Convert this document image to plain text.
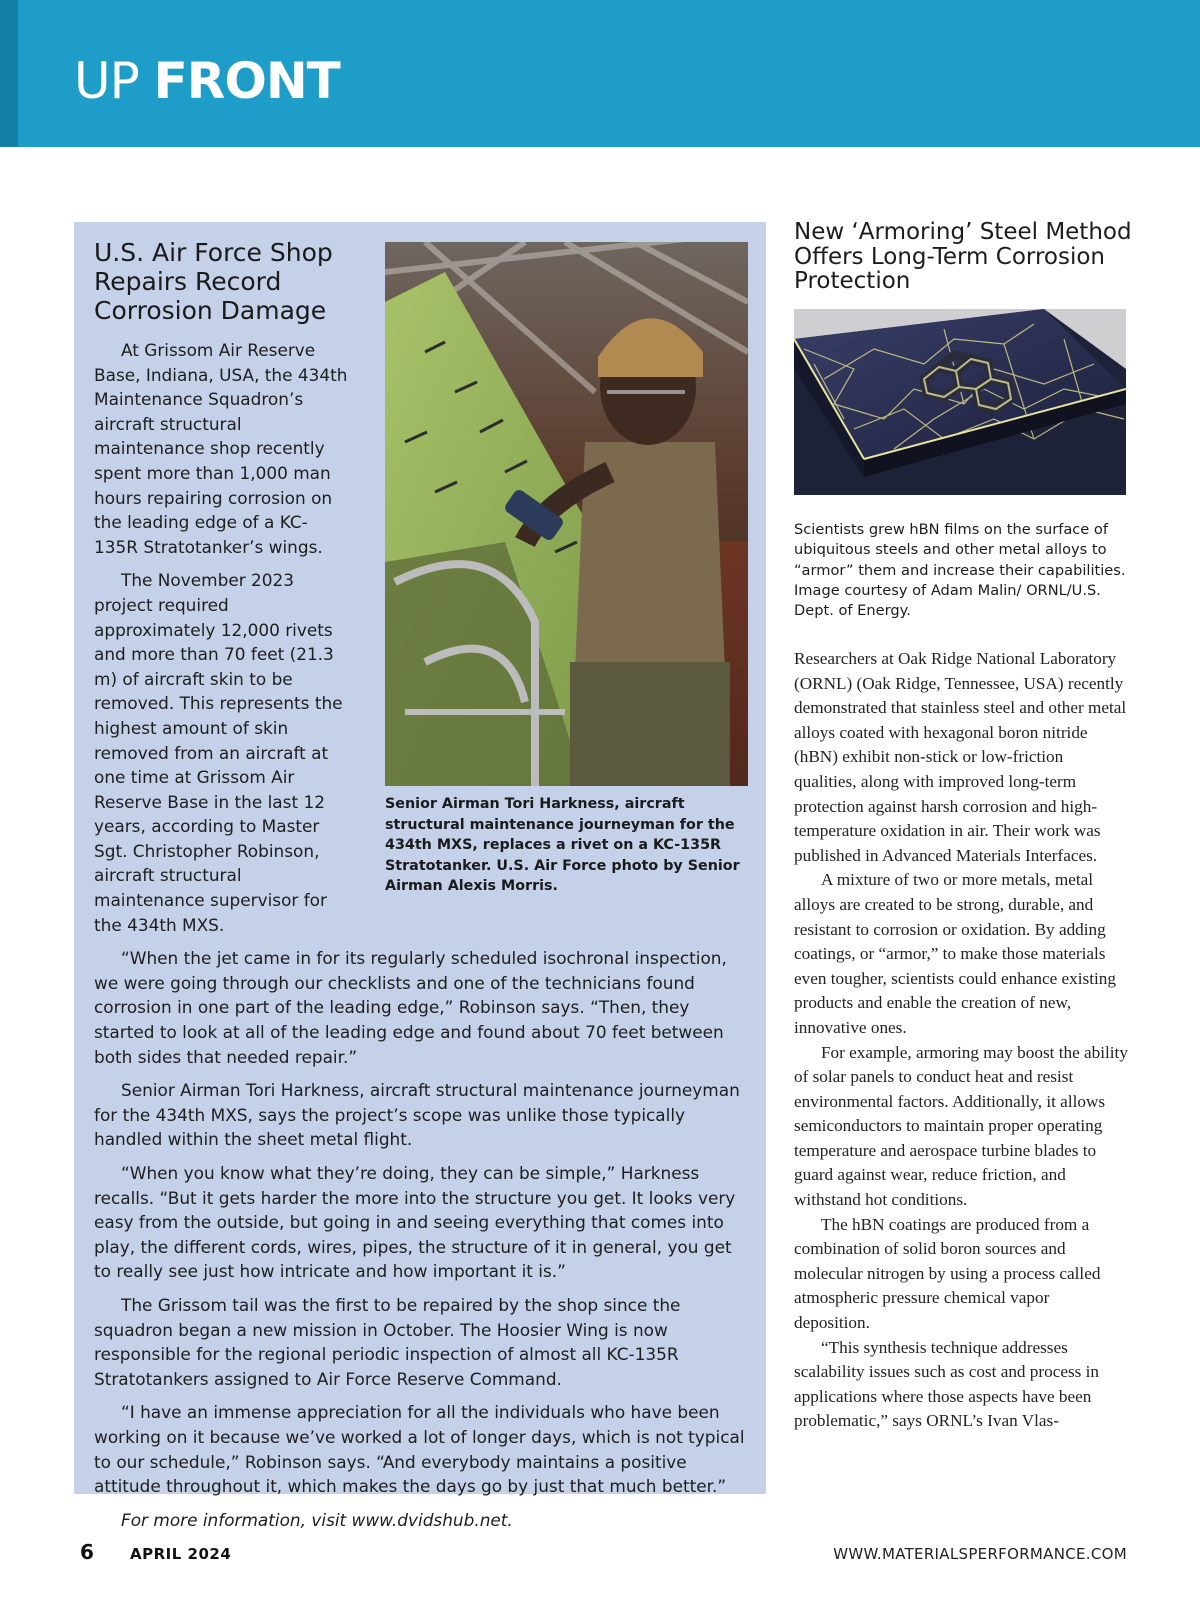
UP FRONT
U.S. Air Force Shop Repairs Record Corrosion Damage
Senior Airman Tori Harkness, aircraft structural maintenance journeyman for the 434th MXS, replaces a rivet on a KC-135R Stratotanker. U.S. Air Force photo by Senior Airman Alexis Morris.

At Grissom Air Reserve Base, Indiana, USA, the 434th Maintenance Squadron’s aircraft structural maintenance shop recently spent more than 1,000 man hours repairing corrosion on the leading edge of a KC-135R Stratotanker’s wings.

The November 2023 project required approximately 12,000 rivets and more than 70 feet (21.3 m) of aircraft skin to be removed. This represents the highest amount of skin removed from an aircraft at one time at Grissom Air Reserve Base in the last 12 years, according to Master Sgt. Christopher Robinson, aircraft structural maintenance supervisor for the 434th MXS.

“When the jet came in for its regularly scheduled isochronal inspection, we were going through our checklists and one of the technicians found corrosion in one part of the leading edge,” Robinson says. “Then, they started to look at all of the leading edge and found about 70 feet between both sides that needed repair.”

Senior Airman Tori Harkness, aircraft structural maintenance journeyman for the 434th MXS, says the project’s scope was unlike those typically handled within the sheet metal flight.

“When you know what they’re doing, they can be simple,” Harkness recalls. “But it gets harder the more into the structure you get. It looks very easy from the outside, but going in and seeing everything that comes into play, the different cords, wires, pipes, the structure of it in general, you get to really see just how intricate and how important it is.”

The Grissom tail was the first to be repaired by the shop since the squadron began a new mission in October. The Hoosier Wing is now responsible for the regional periodic inspection of almost all KC-135R Stratotankers assigned to Air Force Reserve Command.

“I have an immense appreciation for all the individuals who have been working on it because we’ve worked a lot of longer days, which is not typical to our schedule,” Robinson says. “And everybody maintains a positive attitude throughout it, which makes the days go by just that much better.”

For more information, visit www.dvidshub.net.

New ‘Armoring’ Steel Method Offers Long-Term Corrosion Protection
Scientists grew hBN films on the surface of ubiquitous steels and other metal alloys to “armor” them and increase their capabilities. Image courtesy of Adam Malin/ ORNL/U.S. Dept. of Energy.

Researchers at Oak Ridge National Laboratory (ORNL) (Oak Ridge, Tennessee, USA) recently demonstrated that stainless steel and other metal alloys coated with hexagonal boron nitride (hBN) exhibit non-stick or low-friction qualities, along with improved long-term protection against harsh corrosion and high-temperature oxidation in air. Their work was published in Advanced Materials Interfaces.

A mixture of two or more metals, metal alloys are created to be strong, durable, and resistant to corrosion or oxidation. By adding coatings, or “armor,” to make those materials even tougher, scientists could enhance existing products and enable the creation of new, innovative ones.

For example, armoring may boost the ability of solar panels to conduct heat and resist environmental factors. Additionally, it allows semiconductors to maintain proper operating temperature and aerospace turbine blades to guard against wear, reduce friction, and withstand hot conditions.

The hBN coatings are produced from a combination of solid boron sources and molecular nitrogen by using a process called atmospheric pressure chemical vapor deposition.

“This synthesis technique addresses scalability issues such as cost and process in applications where those aspects have been problematic,” says ORNL’s Ivan Vlas-

6 APRIL 2024	WWW.MATERIALSPERFORMANCE.COM
